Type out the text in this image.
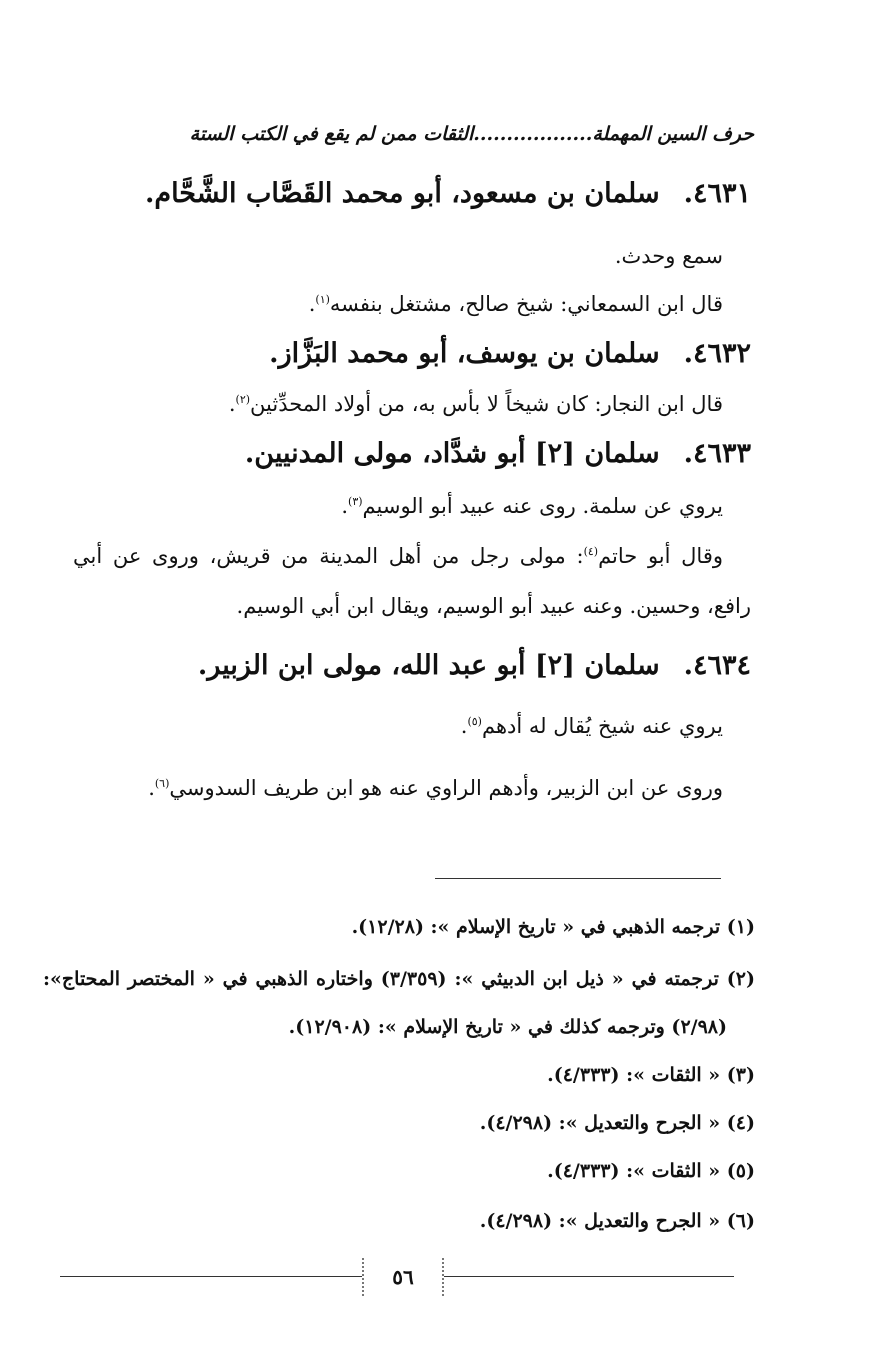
حرف السين المهملة..................الثقات ممن لم يقع في الكتب الستة
٤٦٣١.سلمان بن مسعود، أبو محمد القَصَّاب الشَّحَّام.
سمع وحدث.
قال ابن السمعاني: شيخ صالح، مشتغل بنفسه$^{(١)}$.
٤٦٣٢.سلمان بن يوسف، أبو محمد البَزَّاز.
قال ابن النجار: كان شيخاً لا بأس به، من أولاد المحدِّثين$^{(٢)}$.
٤٦٣٣.سلمان [٢] أبو شدَّاد، مولى المدنيين.
يروي عن سلمة. روى عنه عبيد أبو الوسيم$^{(٣)}$.
وقال أبو حاتم$^{(٤)}$: مولى رجل من أهل المدينة من قريش، وروى عن أبي
رافع، وحسين. وعنه عبيد أبو الوسيم، ويقال ابن أبي الوسيم.
٤٦٣٤.سلمان [٢] أبو عبد الله، مولى ابن الزبير.
يروي عنه شيخ يُقال له أدهم$^{(٥)}$.
وروى عن ابن الزبير، وأدهم الراوي عنه هو ابن طريف السدوسي$^{(٦)}$.
(١) ترجمه الذهبي في « تاريخ الإسلام »: (١٢/٢٨).
(٢) ترجمته في « ذيل ابن الدبيثي »: (٣/٣٥٩) واختاره الذهبي في « المختصر المحتاج»:
(٢/٩٨) وترجمه كذلك في « تاريخ الإسلام »: (١٢/٩٠٨).
(٣) « الثقات »: (٤/٣٣٣).
(٤) « الجرح والتعديل »: (٤/٢٩٨).
(٥) « الثقات »: (٤/٣٣٣).
(٦) « الجرح والتعديل »: (٤/٢٩٨).
٥٦
